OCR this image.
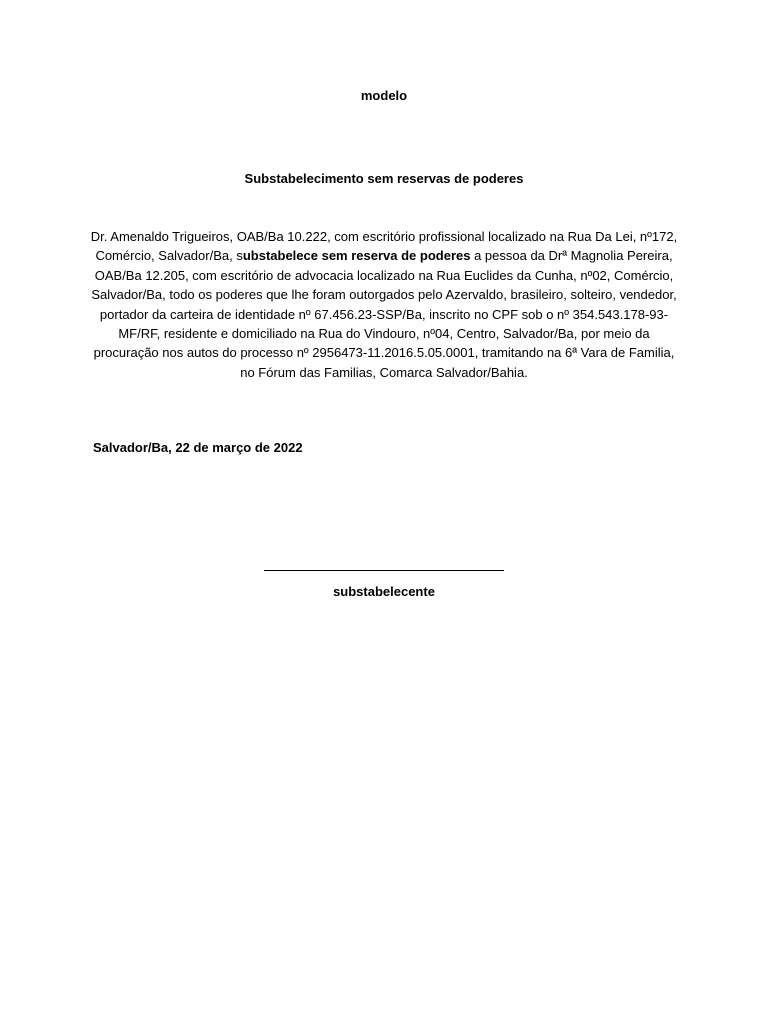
modelo
Substabelecimento sem reservas de poderes
Dr. Amenaldo Trigueiros, OAB/Ba 10.222, com escritório profissional localizado na Rua Da Lei, nº172, Comércio, Salvador/Ba, substabelece sem reserva de poderes a pessoa da Drª Magnolia Pereira, OAB/Ba 12.205, com escritório de advocacia localizado na Rua Euclides da Cunha, nº02, Comércio, Salvador/Ba, todo os poderes que lhe foram outorgados pelo Azervaldo, brasileiro, solteiro, vendedor, portador da carteira de identidade nº 67.456.23-SSP/Ba, inscrito no CPF sob o nº 354.543.178-93-MF/RF, residente e domiciliado na Rua do Vindouro, nº04, Centro, Salvador/Ba, por meio da procuração nos autos do processo nº 2956473-11.2016.5.05.0001, tramitando na 6ª Vara de Familia, no Fórum das Familias, Comarca Salvador/Bahia.
Salvador/Ba, 22 de março de 2022
substabelecente
